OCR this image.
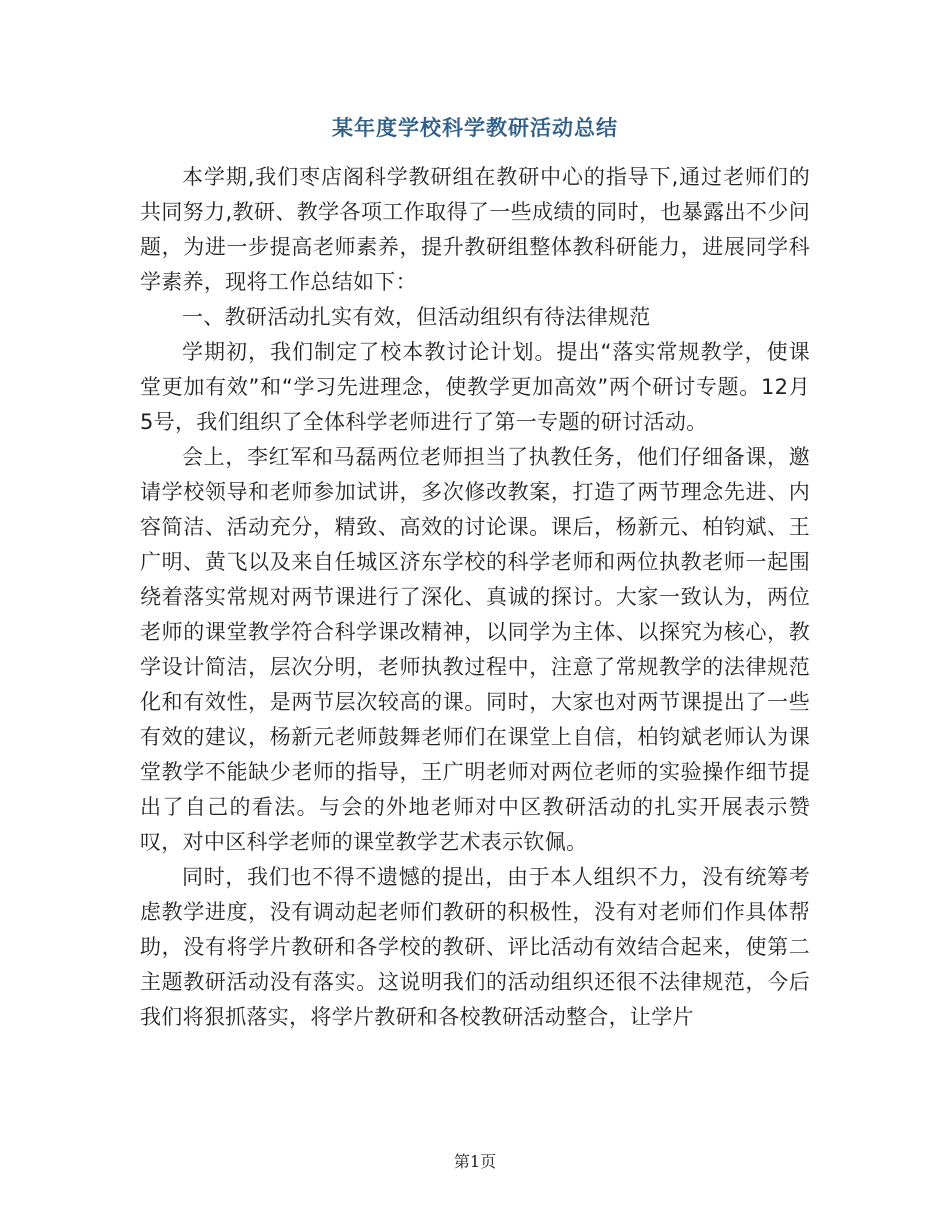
某年度学校科学教研活动总结

本学期,我们枣店阁科学教研组在教研中心的指导下,通过老师们的共同努力,教研、教学各项工作取得了一些成绩的同时，也暴露出不少问题，为进一步提高老师素养，提升教研组整体教科研能力，进展同学科学素养，现将工作总结如下：

一、教研活动扎实有效，但活动组织有待法律规范

学期初，我们制定了校本教讨论计划。提出“落实常规教学，使课堂更加有效”和“学习先进理念，使教学更加高效”两个研讨专题。12月5号，我们组织了全体科学老师进行了第一专题的研讨活动。

会上，李红军和马磊两位老师担当了执教任务，他们仔细备课，邀请学校领导和老师参加试讲，多次修改教案，打造了两节理念先进、内容简洁、活动充分，精致、高效的讨论课。课后，杨新元、柏钧斌、王广明、黄飞以及来自任城区济东学校的科学老师和两位执教老师一起围绕着落实常规对两节课进行了深化、真诚的探讨。大家一致认为，两位老师的课堂教学符合科学课改精神，以同学为主体、以探究为核心，教学设计简洁，层次分明，老师执教过程中，注意了常规教学的法律规范化和有效性，是两节层次较高的课。同时，大家也对两节课提出了一些有效的建议，杨新元老师鼓舞老师们在课堂上自信，柏钧斌老师认为课堂教学不能缺少老师的指导，王广明老师对两位老师的实验操作细节提出了自己的看法。与会的外地老师对中区教研活动的扎实开展表示赞叹，对中区科学老师的课堂教学艺术表示钦佩。

同时，我们也不得不遗憾的提出，由于本人组织不力，没有统筹考虑教学进度，没有调动起老师们教研的积极性，没有对老师们作具体帮助，没有将学片教研和各学校的教研、评比活动有效结合起来，使第二主题教研活动没有落实。这说明我们的活动组织还很不法律规范，今后我们将狠抓落实，将学片教研和各校教研活动整合，让学片

第1页
